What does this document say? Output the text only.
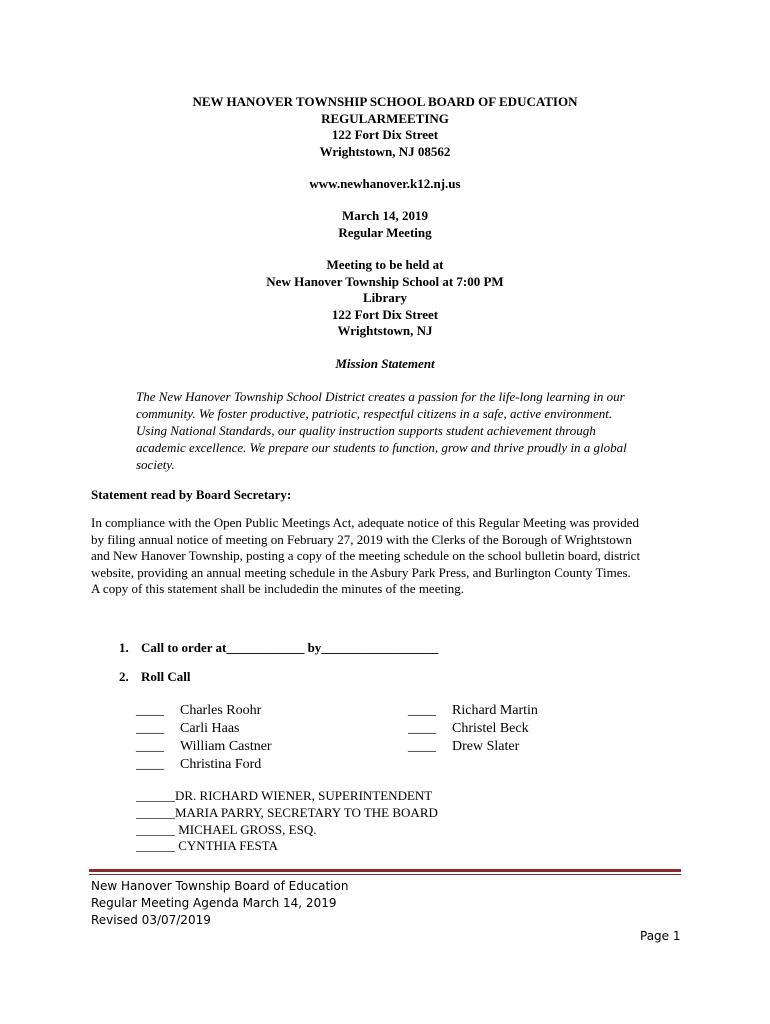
NEW HANOVER TOWNSHIP SCHOOL BOARD OF EDUCATION
REGULARMEETING
122 Fort Dix Street
Wrightstown, NJ 08562
www.newhanover.k12.nj.us
March 14, 2019
Regular Meeting
Meeting to be held at
New Hanover Township School at 7:00 PM
Library
122 Fort Dix Street
Wrightstown, NJ
Mission Statement
The New Hanover Township School District creates a passion for the life-long learning in our
community. We foster productive, patriotic, respectful citizens in a safe, active environment.
Using National Standards, our quality instruction supports student achievement through
academic excellence. We prepare our students to function, grow and thrive proudly in a global
society.
Statement read by Board Secretary:
In compliance with the Open Public Meetings Act, adequate notice of this Regular Meeting was provided
by filing annual notice of meeting on February 27, 2019 with the Clerks of the Borough of Wrightstown
and New Hanover Township, posting a copy of the meeting schedule on the school bulletin board, district
website, providing an annual meeting schedule in the Asbury Park Press, and Burlington County Times.
A copy of this statement shall be includedin the minutes of the meeting.
1. Call to order at____________ by__________________
2. Roll Call
____ Charles Roohr
____ Carli Haas
____ William Castner
____ Christina Ford
____ Richard Martin
____ Christel Beck
____ Drew Slater
______DR. RICHARD WIENER, SUPERINTENDENT
______MARIA PARRY, SECRETARY TO THE BOARD
______ MICHAEL GROSS, ESQ.
______ CYNTHIA FESTA
New Hanover Township Board of Education
Regular Meeting Agenda March 14, 2019
Revised 03/07/2019
Page 1
